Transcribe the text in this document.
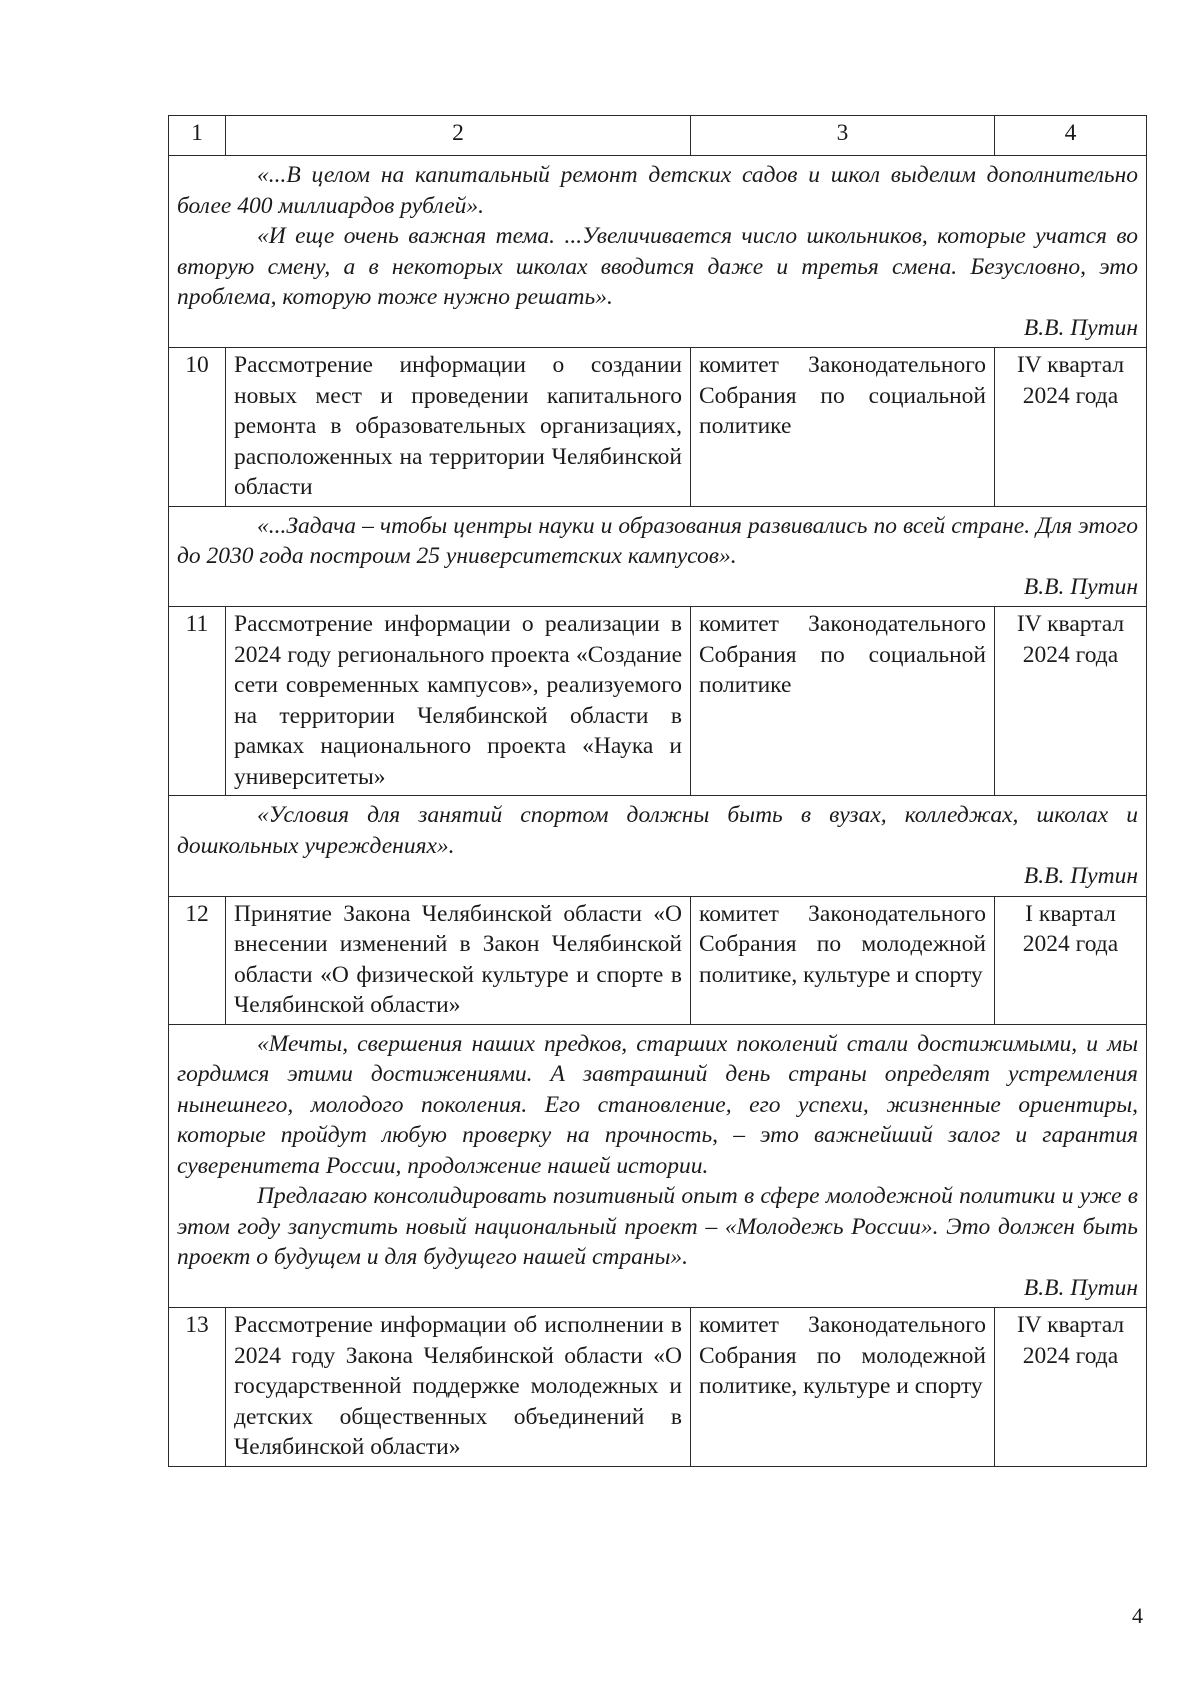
1	2	3	4

«...В целом на капитальный ремонт детских садов и школ выделим дополнительно более 400 миллиардов рублей».

«И еще очень важная тема. ...Увеличивается число школьников, которые учатся во вторую смену, а в некоторых школах вводится даже и третья смена. Безусловно, это проблема, которую тоже нужно решать».

В.В. Путин			

10	Рассмотрение информации о создании новых мест и проведении капитального ремонта в образовательных организациях, расположенных на территории Челябинской области	комитет Законодательного Собрания по социальной политике	IV квартал 2024 года

«...Задача – чтобы центры науки и образования развивались по всей стране. Для этого до 2030 года построим 25 университетских кампусов».

В.В. Путин			

11	Рассмотрение информации о реализации в 2024 году регионального проекта «Создание сети современных кампусов», реализуемого на территории Челябинской области в рамках национального проекта «Наука и университеты»	комитет Законодательного Собрания по социальной политике	IV квартал 2024 года

«Условия для занятий спортом должны быть в вузах, колледжах, школах и дошкольных учреждениях».

В.В. Путин			

12	Принятие Закона Челябинской области «О внесении изменений в Закон Челябинской области «О физической культуре и спорте в Челябинской области»	комитет Законодательного Собрания по молодежной политике, культуре и спорту	I квартал 2024 года

«Мечты, свершения наших предков, старших поколений стали достижимыми, и мы гордимся этими достижениями. А завтрашний день страны определят устремления нынешнего, молодого поколения. Его становление, его успехи, жизненные ориентиры, которые пройдут любую проверку на прочность, – это важнейший залог и гарантия суверенитета России, продолжение нашей истории.

Предлагаю консолидировать позитивный опыт в сфере молодежной политики и уже в этом году запустить новый национальный проект – «Молодежь России». Это должен быть проект о будущем и для будущего нашей страны».

В.В. Путин			

13	Рассмотрение информации об исполнении в 2024 году Закона Челябинской области «О государственной поддержке молодежных и детских общественных объединений в Челябинской области»	комитет Законодательного Собрания по молодежной политике, культуре и спорту	IV квартал 2024 года
4
